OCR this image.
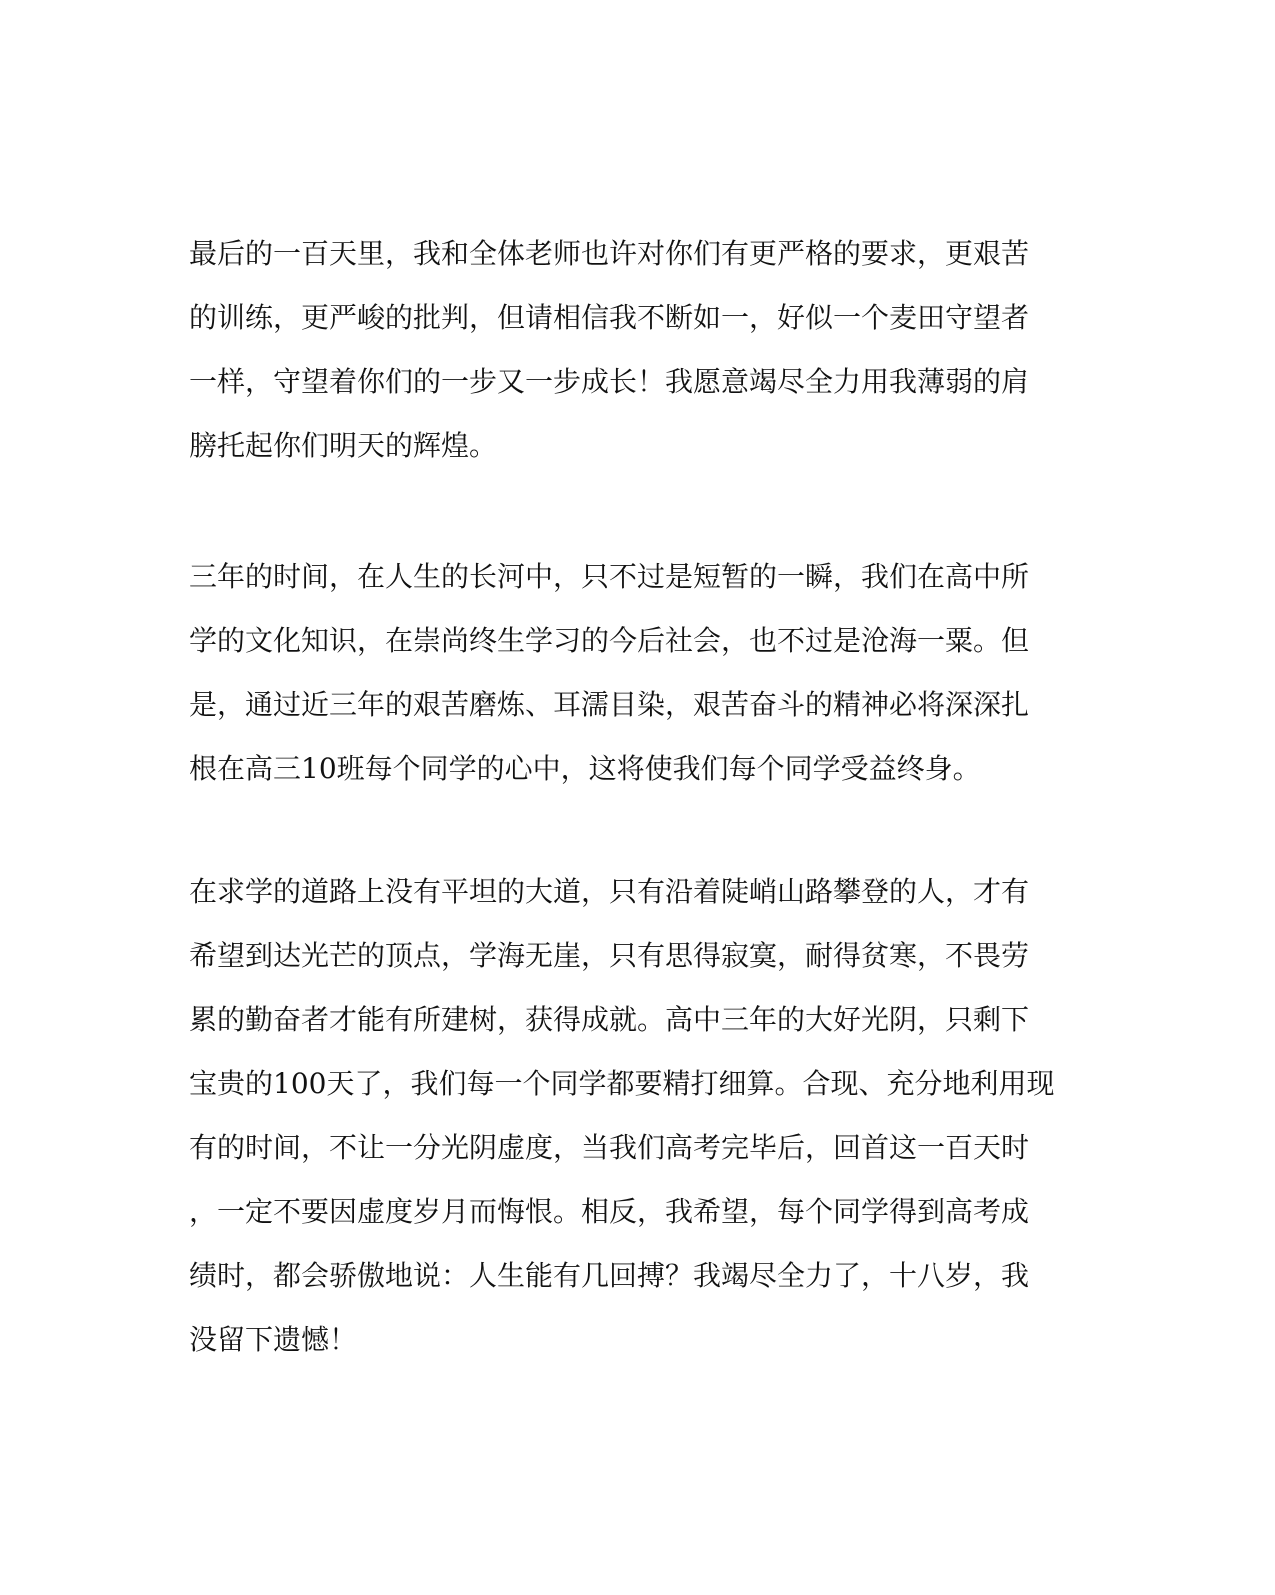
最后的一百天里，我和全体老师也许对你们有更严格的要求，更艰苦
的训练，更严峻的批判，但请相信我不断如一，好似一个麦田守望者
一样，守望着你们的一步又一步成长！我愿意竭尽全力用我薄弱的肩
膀托起你们明天的辉煌。
三年的时间，在人生的长河中，只不过是短暂的一瞬，我们在高中所
学的文化知识，在崇尚终生学习的今后社会，也不过是沧海一粟。但
是，通过近三年的艰苦磨炼、耳濡目染，艰苦奋斗的精神必将深深扎
根在高三10班每个同学的心中，这将使我们每个同学受益终身。
在求学的道路上没有平坦的大道，只有沿着陡峭山路攀登的人，才有
希望到达光芒的顶点，学海无崖，只有思得寂寞，耐得贫寒，不畏劳
累的勤奋者才能有所建树，获得成就。高中三年的大好光阴，只剩下
宝贵的100天了，我们每一个同学都要精打细算。合现、充分地利用现
有的时间，不让一分光阴虚度，当我们高考完毕后，回首这一百天时
，一定不要因虚度岁月而悔恨。相反，我希望，每个同学得到高考成
绩时，都会骄傲地说：人生能有几回搏？我竭尽全力了，十八岁，我
没留下遗憾！
